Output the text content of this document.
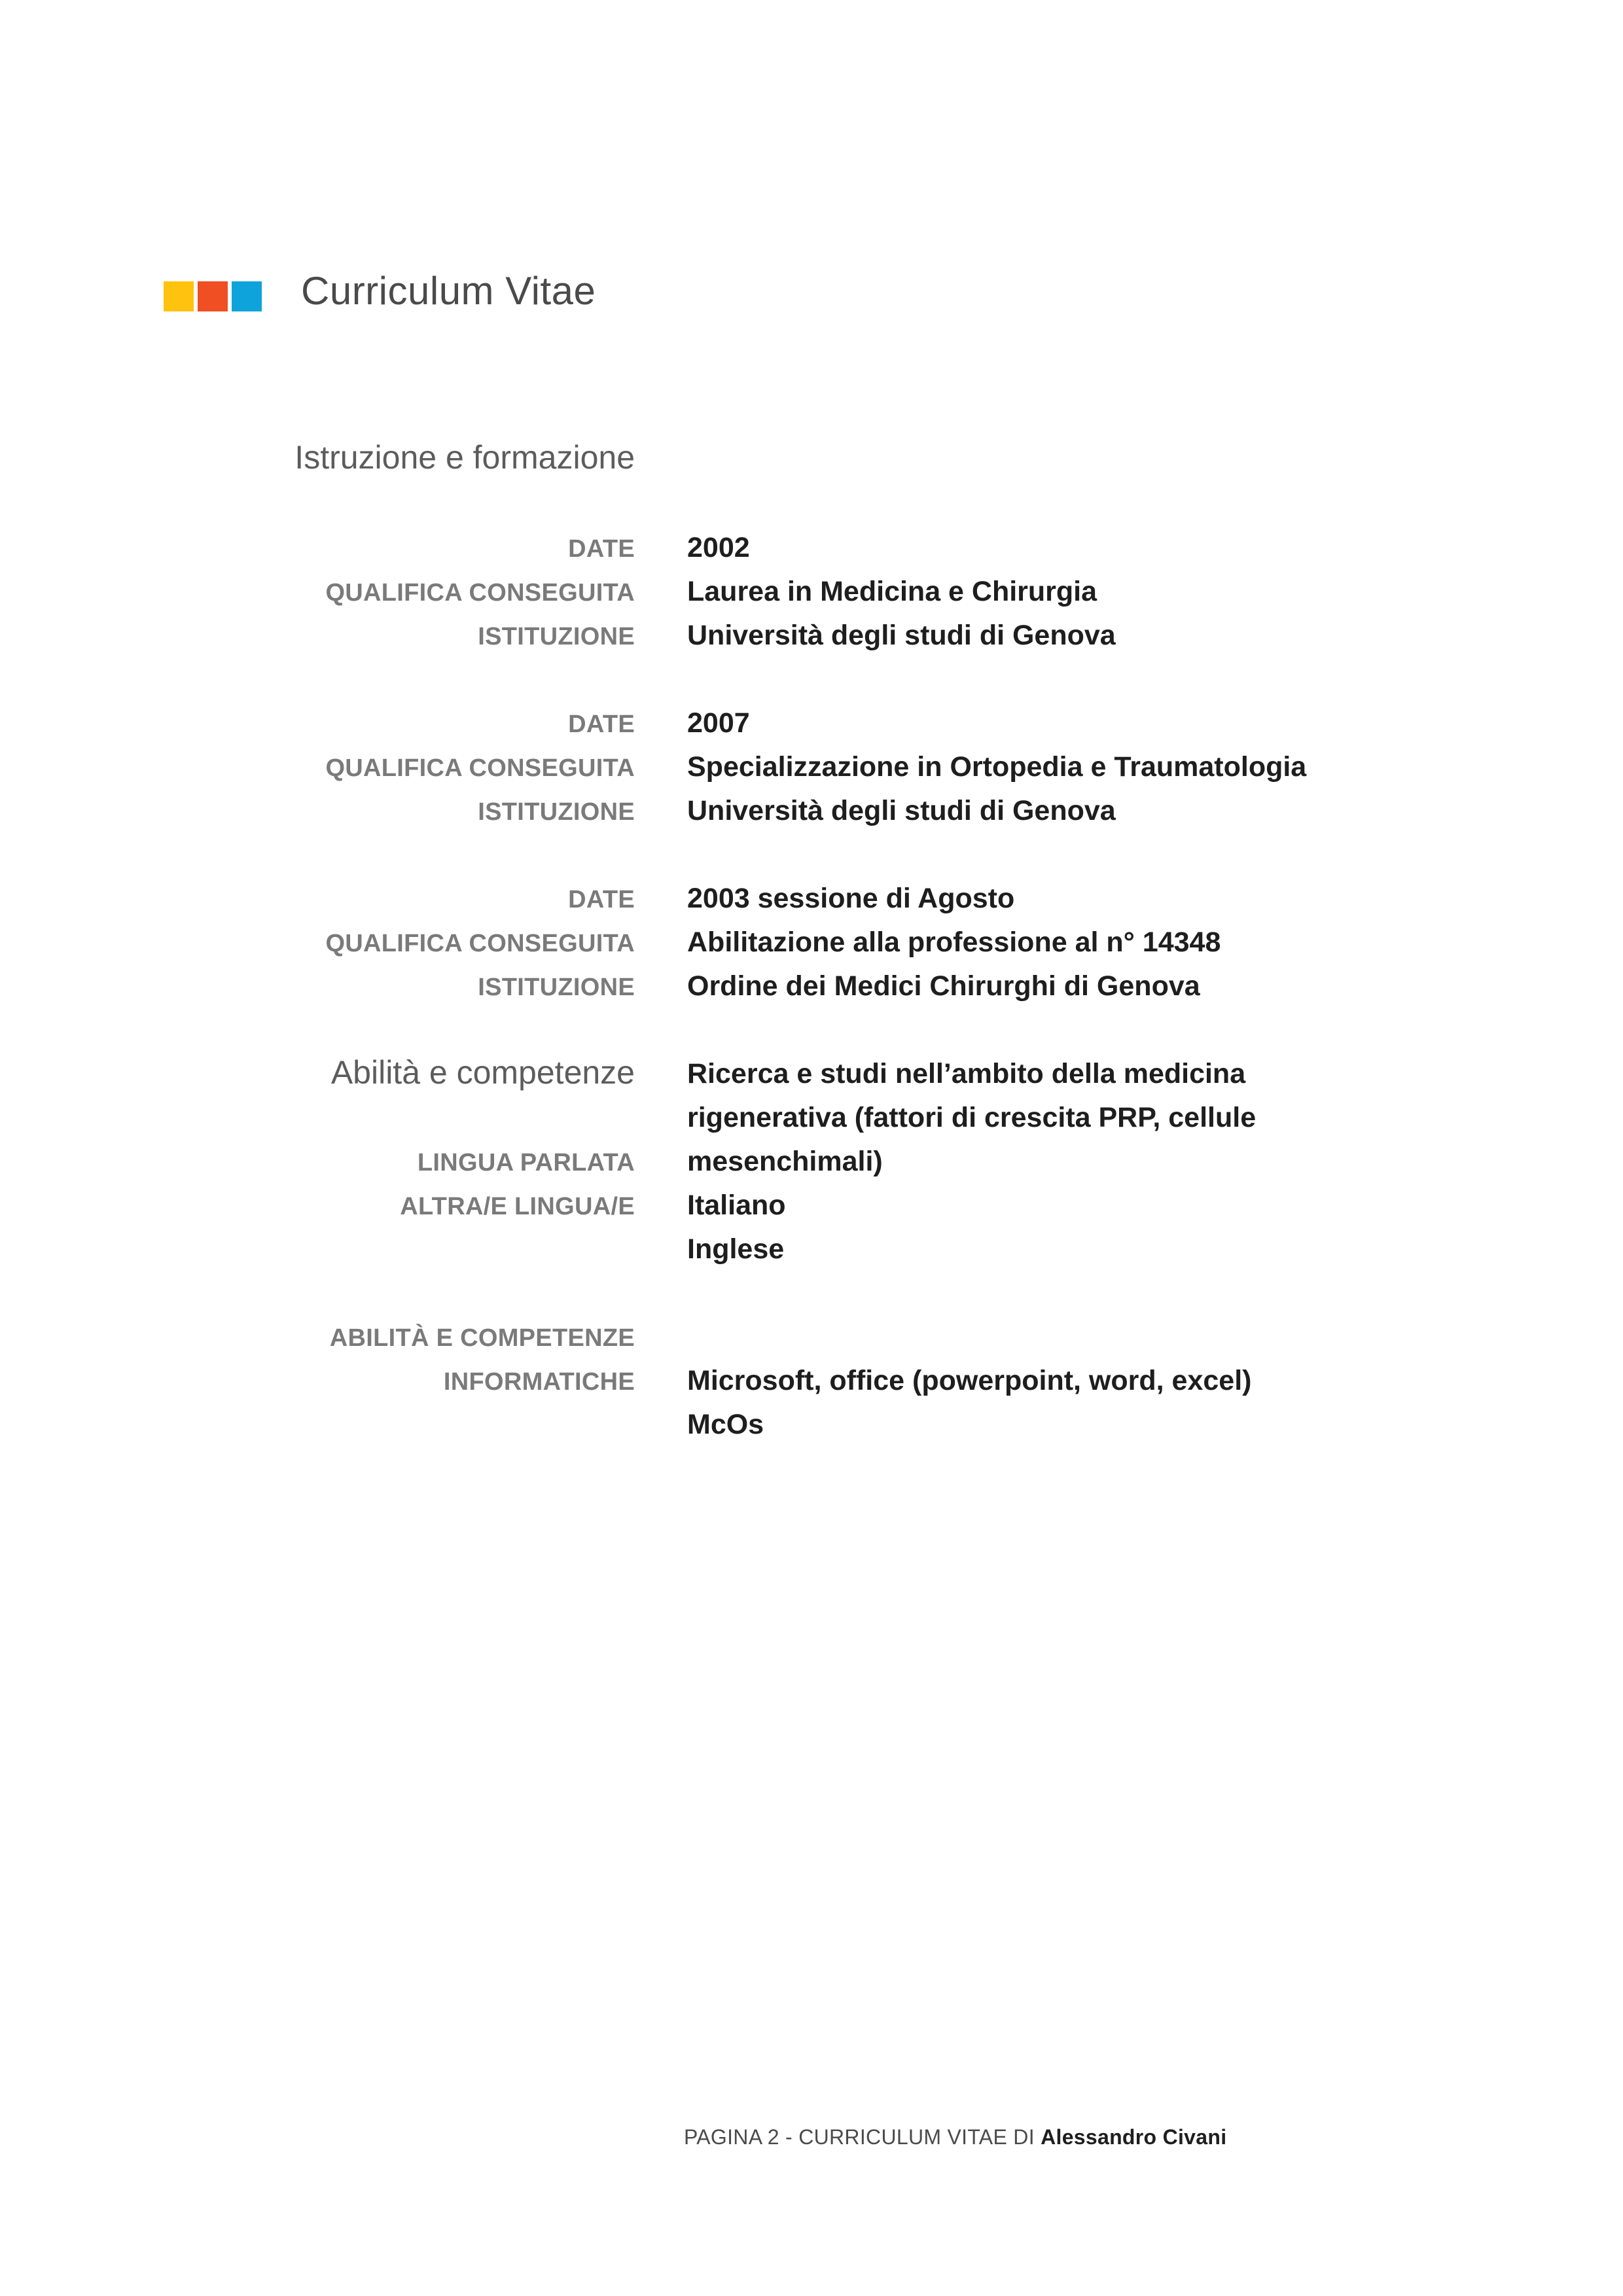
Curriculum Vitae
Istruzione e formazione
DATE 2002
QUALIFICA CONSEGUITA Laurea in Medicina e Chirurgia
ISTITUZIONE Università degli studi di Genova
DATE 2007
QUALIFICA CONSEGUITA Specializzazione in Ortopedia e Traumatologia
ISTITUZIONE Università degli studi di Genova
DATE 2003 sessione di Agosto
QUALIFICA CONSEGUITA Abilitazione alla professione al n° 14348
ISTITUZIONE Ordine dei Medici Chirurghi di Genova
Abilità e competenze Ricerca e studi nell’ambito della medicina
rigenerativa (fattori di crescita PRP, cellule
mesenchimali)
LINGUA PARLATA
ALTRA/E LINGUA/E Italiano
Inglese
ABILITÀ E COMPETENZE
INFORMATICHE Microsoft, office (powerpoint, word, excel)
McOs
PAGINA 2 - CURRICULUM VITAE DI Alessandro Civani
